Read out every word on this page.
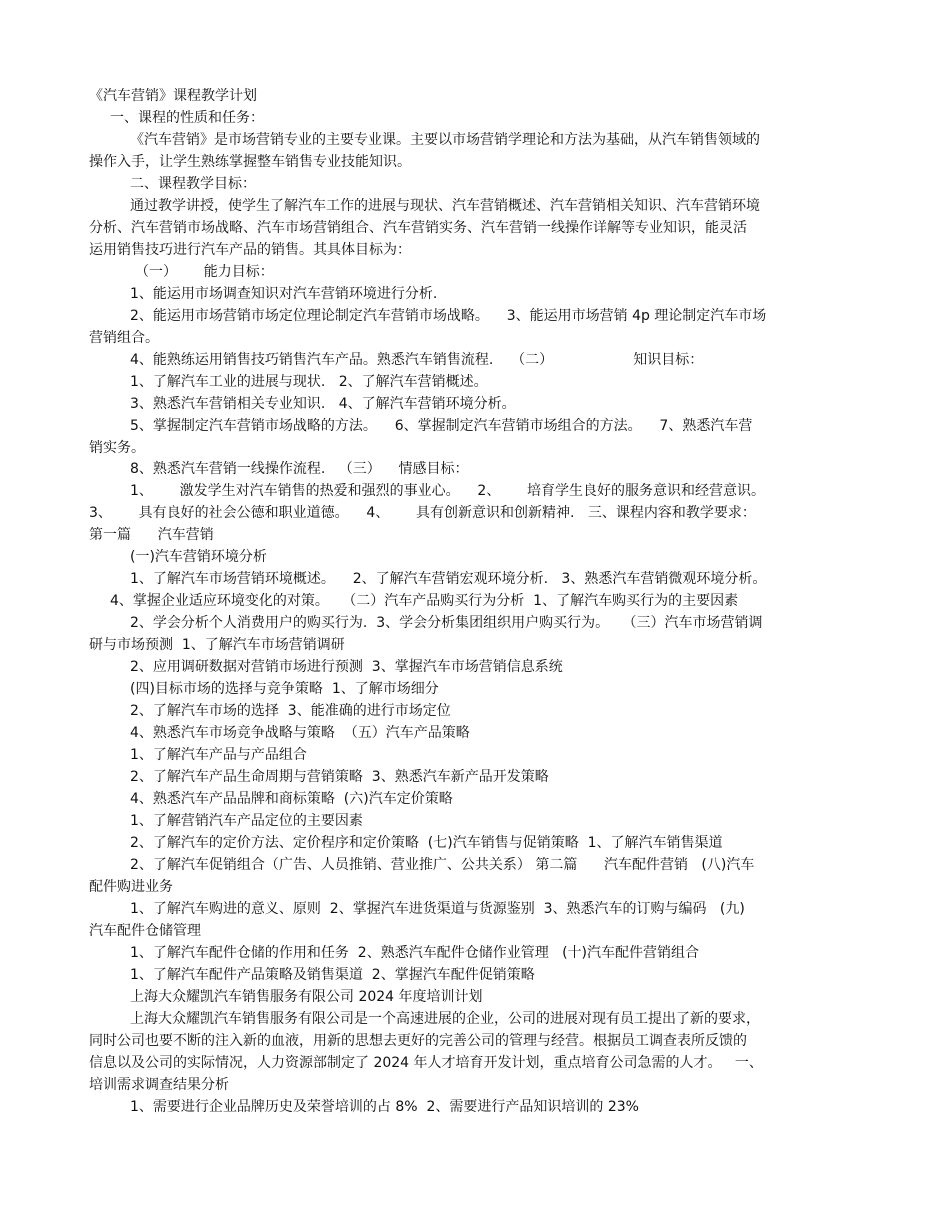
《汽车营销》课程教学计划
一、课程的性质和任务：
《汽车营销》是市场营销专业的主要专业课。主要以市场营销学理论和方法为基础，从汽车销售领域的
操作入手，让学生熟练掌握整车销售专业技能知识。
二、课程教学目标：
通过教学讲授，使学生了解汽车工作的进展与现状、汽车营销概述、汽车营销相关知识、汽车营销环境
分析、汽车营销市场战略、汽车市场营销组合、汽车营销实务、汽车营销一线操作详解等专业知识，能灵活
运用销售技巧进行汽车产品的销售。其具体目标为：
（一）      能力目标：
1、能运用市场调查知识对汽车营销环境进行分析.
2、能运用市场营销市场定位理论制定汽车营销市场战略。    3、能运用市场营销 4p 理论制定汽车市场
营销组合。
4、能熟练运用销售技巧销售汽车产品。熟悉汽车销售流程.    （二）                  知识目标：
1、了解汽车工业的进展与现状.   2、了解汽车营销概述。
3、熟悉汽车营销相关专业知识.   4、了解汽车营销环境分析。
5、掌握制定汽车营销市场战略的方法。    6、掌握制定汽车营销市场组合的方法。    7、熟悉汽车营
销实务。
8、熟悉汽车营销一线操作流程.   （三）    情感目标：
1、      激发学生对汽车销售的热爱和强烈的事业心。    2、      培育学生良好的服务意识和经营意识。
3、      具有良好的社会公德和职业道德。    4、      具有创新意识和创新精神.   三、课程内容和教学要求：
第一篇      汽车营销
(一)汽车营销环境分析
1、了解汽车市场营销环境概述。    2、了解汽车营销宏观环境分析.   3、熟悉汽车营销微观环境分析。
4、掌握企业适应环境变化的对策。   （二）汽车产品购买行为分析  1、了解汽车购买行为的主要因素
2、学会分析个人消费用户的购买行为.  3、学会分析集团组织用户购买行为。   （三）汽车市场营销调
研与市场预测  1、了解汽车市场营销调研
2、应用调研数据对营销市场进行预测  3、掌握汽车市场营销信息系统
(四)目标市场的选择与竞争策略  1、了解市场细分
2、了解汽车市场的选择  3、能准确的进行市场定位
4、熟悉汽车市场竞争战略与策略  （五）汽车产品策略
1、了解汽车产品与产品组合
2、了解汽车产品生命周期与营销策略  3、熟悉汽车新产品开发策略
4、熟悉汽车产品品牌和商标策略  (六)汽车定价策略
1、了解营销汽车产品定位的主要因素
2、了解汽车的定价方法、定价程序和定价策略  (七)汽车销售与促销策略  1、了解汽车销售渠道
2、了解汽车促销组合（广告、人员推销、营业推广、公共关系） 第二篇      汽车配件营销   (八)汽车
配件购进业务
1、了解汽车购进的意义、原则  2、掌握汽车进货渠道与货源鉴别  3、熟悉汽车的订购与编码   (九)
汽车配件仓储管理
1、了解汽车配件仓储的作用和任务  2、熟悉汽车配件仓储作业管理   (十)汽车配件营销组合
1、了解汽车配件产品策略及销售渠道  2、掌握汽车配件促销策略
上海大众耀凯汽车销售服务有限公司 2024 年度培训计划
上海大众耀凯汽车销售服务有限公司是一个高速进展的企业，公司的进展对现有员工提出了新的要求，
同时公司也要不断的注入新的血液，用新的思想去更好的完善公司的管理与经营。根据员工调查表所反馈的
信息以及公司的实际情况，人力资源部制定了 2024 年人才培育开发计划，重点培育公司急需的人才。   一、
培训需求调查结果分析
1、需要进行企业品牌历史及荣誉培训的占 8%  2、需要进行产品知识培训的 23%
